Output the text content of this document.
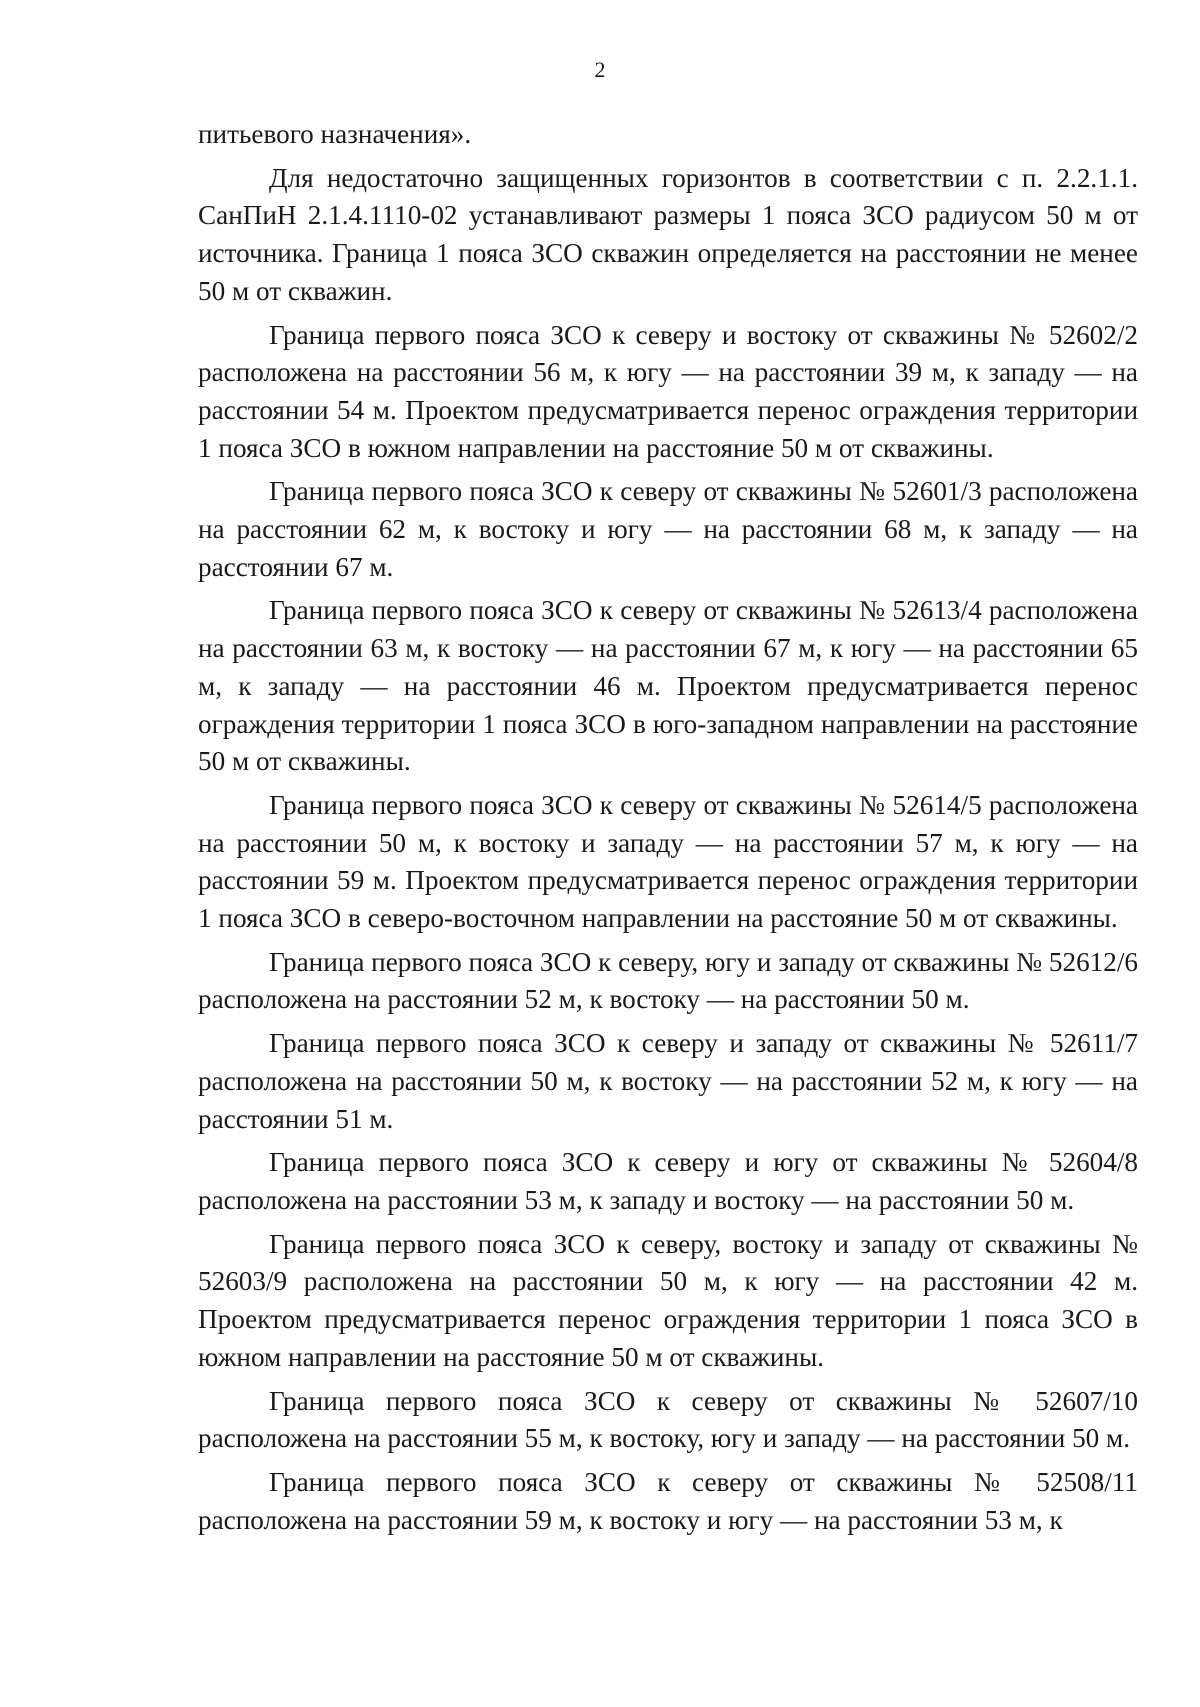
2

питьевого назначения».

Для недостаточно защищенных горизонтов в соответствии с п. 2.2.1.1. СанПиН 2.1.4.1110-02 устанавливают размеры 1 пояса ЗСО радиусом 50 м от источника. Граница 1 пояса ЗСО скважин определяется на расстоянии не менее 50 м от скважин.

Граница первого пояса ЗСО к северу и востоку от скважины № 52602/2 расположена на расстоянии 56 м, к югу — на расстоянии 39 м, к западу — на расстоянии 54 м. Проектом предусматривается перенос ограждения территории 1 пояса ЗСО в южном направлении на расстояние 50 м от скважины.

Граница первого пояса ЗСО к северу от скважины № 52601/3 расположена на расстоянии 62 м, к востоку и югу — на расстоянии 68 м, к западу — на расстоянии 67 м.

Граница первого пояса ЗСО к северу от скважины № 52613/4 расположена на расстоянии 63 м, к востоку — на расстоянии 67 м, к югу — на расстоянии 65 м, к западу — на расстоянии 46 м. Проектом предусматривается перенос ограждения территории 1 пояса ЗСО в юго-западном направлении на расстояние 50 м от скважины.

Граница первого пояса ЗСО к северу от скважины № 52614/5 расположена на расстоянии 50 м, к востоку и западу — на расстоянии 57 м, к югу — на расстоянии 59 м. Проектом предусматривается перенос ограждения территории 1 пояса ЗСО в северо-восточном направлении на расстояние 50 м от скважины.

Граница первого пояса ЗСО к северу, югу и западу от скважины № 52612/6 расположена на расстоянии 52 м, к востоку — на расстоянии 50 м.

Граница первого пояса ЗСО к северу и западу от скважины № 52611/7 расположена на расстоянии 50 м, к востоку — на расстоянии 52 м, к югу — на расстоянии 51 м.

Граница первого пояса ЗСО к северу и югу от скважины № 52604/8 расположена на расстоянии 53 м, к западу и востоку — на расстоянии 50 м.

Граница первого пояса ЗСО к северу, востоку и западу от скважины № 52603/9 расположена на расстоянии 50 м, к югу — на расстоянии 42 м. Проектом предусматривается перенос ограждения территории 1 пояса ЗСО в южном направлении на расстояние 50 м от скважины.

Граница первого пояса ЗСО к северу от скважины № 52607/10 расположена на расстоянии 55 м, к востоку, югу и западу — на расстоянии 50 м.

Граница первого пояса ЗСО к северу от скважины № 52508/11 расположена на расстоянии 59 м, к востоку и югу — на расстоянии 53 м, к
